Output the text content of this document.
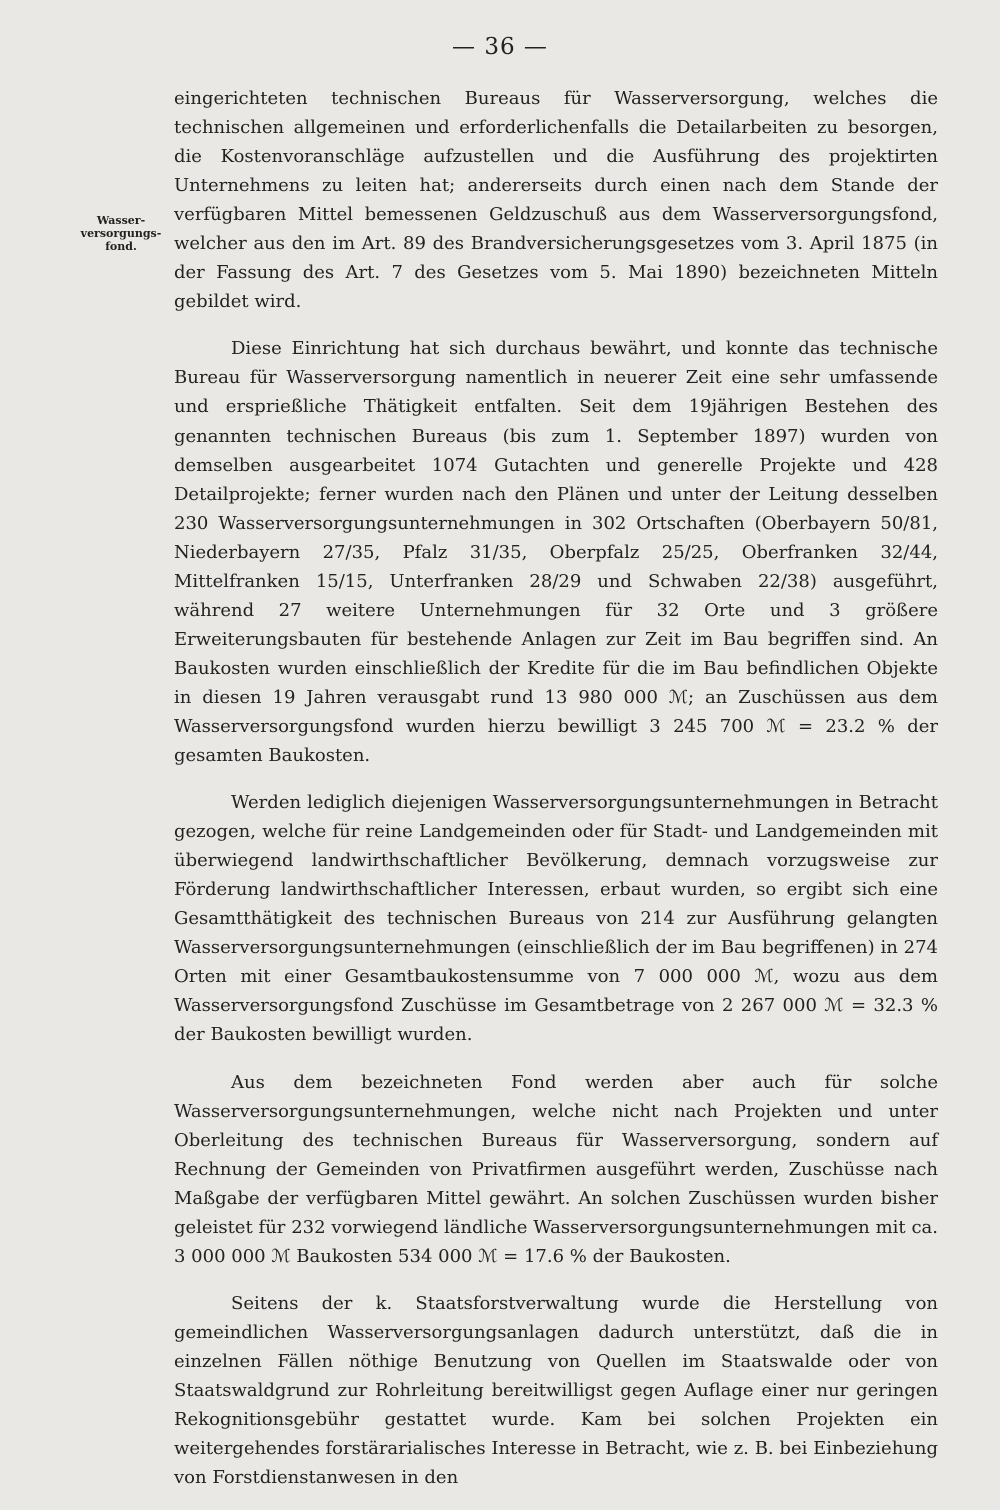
— 36 —
Wasser-versorgungs-fond.

eingerichteten technischen Bureaus für Wasserversorgung, welches die technischen allgemeinen und erforderlichenfalls die Detailarbeiten zu besorgen, die Kostenvoranschläge aufzustellen und die Ausführung des projektirten Unternehmens zu leiten hat; andererseits durch einen nach dem Stande der verfügbaren Mittel bemessenen Geldzuschuß aus dem Wasserversorgungsfond, welcher aus den im Art. 89 des Brandversicherungsgesetzes vom 3. April 1875 (in der Fassung des Art. 7 des Gesetzes vom 5. Mai 1890) bezeichneten Mitteln gebildet wird.

Diese Einrichtung hat sich durchaus bewährt, und konnte das technische Bureau für Wasserversorgung namentlich in neuerer Zeit eine sehr umfassende und ersprießliche Thätigkeit entfalten. Seit dem 19jährigen Bestehen des genannten technischen Bureaus (bis zum 1. September 1897) wurden von demselben ausgearbeitet 1074 Gutachten und generelle Projekte und 428 Detailprojekte; ferner wurden nach den Plänen und unter der Leitung desselben 230 Wasserversorgungsunternehmungen in 302 Ortschaften (Oberbayern 50/81, Niederbayern 27/35, Pfalz 31/35, Oberpfalz 25/25, Oberfranken 32/44, Mittelfranken 15/15, Unterfranken 28/29 und Schwaben 22/38) ausgeführt, während 27 weitere Unternehmungen für 32 Orte und 3 größere Erweiterungsbauten für bestehende Anlagen zur Zeit im Bau begriffen sind. An Baukosten wurden einschließlich der Kredite für die im Bau befindlichen Objekte in diesen 19 Jahren verausgabt rund 13 980 000 ℳ; an Zuschüssen aus dem Wasserversorgungsfond wurden hierzu bewilligt 3 245 700 ℳ = 23.2 % der gesamten Baukosten.

Werden lediglich diejenigen Wasserversorgungsunternehmungen in Betracht gezogen, welche für reine Landgemeinden oder für Stadt- und Landgemeinden mit überwiegend landwirthschaftlicher Bevölkerung, demnach vorzugsweise zur Förderung landwirthschaftlicher Interessen, erbaut wurden, so ergibt sich eine Gesamtthätigkeit des technischen Bureaus von 214 zur Ausführung gelangten Wasserversorgungsunternehmungen (einschließlich der im Bau begriffenen) in 274 Orten mit einer Gesamtbaukostensumme von 7 000 000 ℳ, wozu aus dem Wasserversorgungsfond Zuschüsse im Gesamtbetrage von 2 267 000 ℳ = 32.3 % der Baukosten bewilligt wurden.

Aus dem bezeichneten Fond werden aber auch für solche Wasserversorgungsunternehmungen, welche nicht nach Projekten und unter Oberleitung des technischen Bureaus für Wasserversorgung, sondern auf Rechnung der Gemeinden von Privatfirmen ausgeführt werden, Zuschüsse nach Maßgabe der verfügbaren Mittel gewährt. An solchen Zuschüssen wurden bisher geleistet für 232 vorwiegend ländliche Wasserversorgungsunternehmungen mit ca. 3 000 000 ℳ Baukosten 534 000 ℳ = 17.6 % der Baukosten.

Seitens der k. Staatsforstverwaltung wurde die Herstellung von gemeindlichen Wasserversorgungsanlagen dadurch unterstützt, daß die in einzelnen Fällen nöthige Benutzung von Quellen im Staatswalde oder von Staatswaldgrund zur Rohrleitung bereitwilligst gegen Auflage einer nur geringen Rekognitionsgebühr gestattet wurde. Kam bei solchen Projekten ein weitergehendes forstärarialisches Interesse in Betracht, wie z. B. bei Einbeziehung von Forstdienstanwesen in den
